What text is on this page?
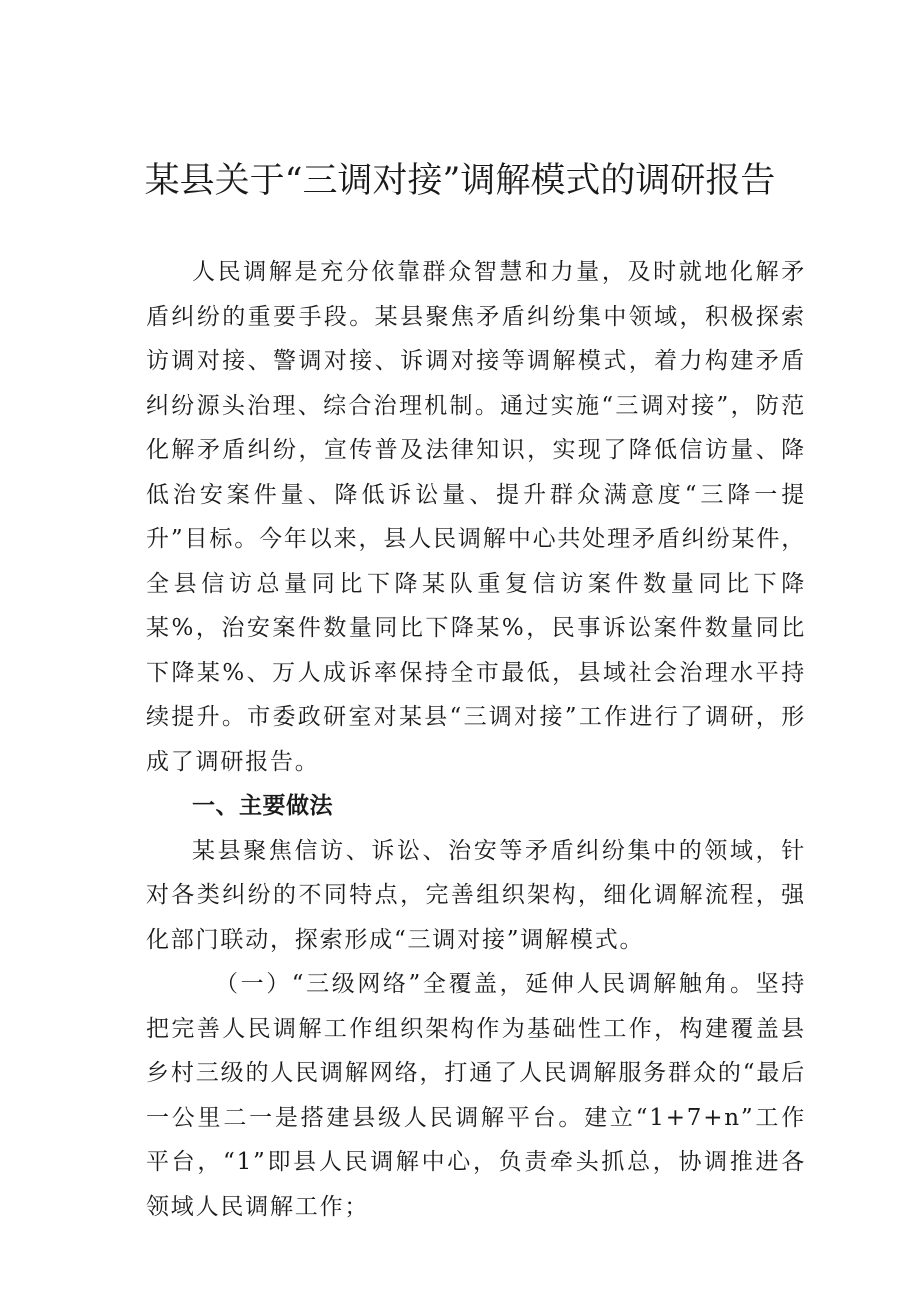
某县关于“三调对接”调解模式的调研报告

人民调解是充分依靠群众智慧和力量，及时就地化解矛盾纠纷的重要手段。某县聚焦矛盾纠纷集中领域，积极探索访调对接、警调对接、诉调对接等调解模式，着力构建矛盾纠纷源头治理、综合治理机制。通过实施“三调对接”，防范化解矛盾纠纷，宣传普及法律知识，实现了降低信访量、降低治安案件量、降低诉讼量、提升群众满意度“三降一提升”目标。今年以来，县人民调解中心共处理矛盾纠纷某件，全县信访总量同比下降某队重复信访案件数量同比下降某%，治安案件数量同比下降某%，民事诉讼案件数量同比下降某%、万人成诉率保持全市最低，县域社会治理水平持续提升。市委政研室对某县“三调对接”工作进行了调研，形成了调研报告。

一、主要做法

某县聚焦信访、诉讼、治安等矛盾纠纷集中的领域，针对各类纠纷的不同特点，完善组织架构，细化调解流程，强化部门联动，探索形成“三调对接”调解模式。

（一）“三级网络”全覆盖，延伸人民调解触角。坚持把完善人民调解工作组织架构作为基础性工作，构建覆盖县乡村三级的人民调解网络，打通了人民调解服务群众的“最后一公里二一是搭建县级人民调解平台。建立“1+7+n”工作平台，“1”即县人民调解中心，负责牵头抓总，协调推进各领域人民调解工作；
